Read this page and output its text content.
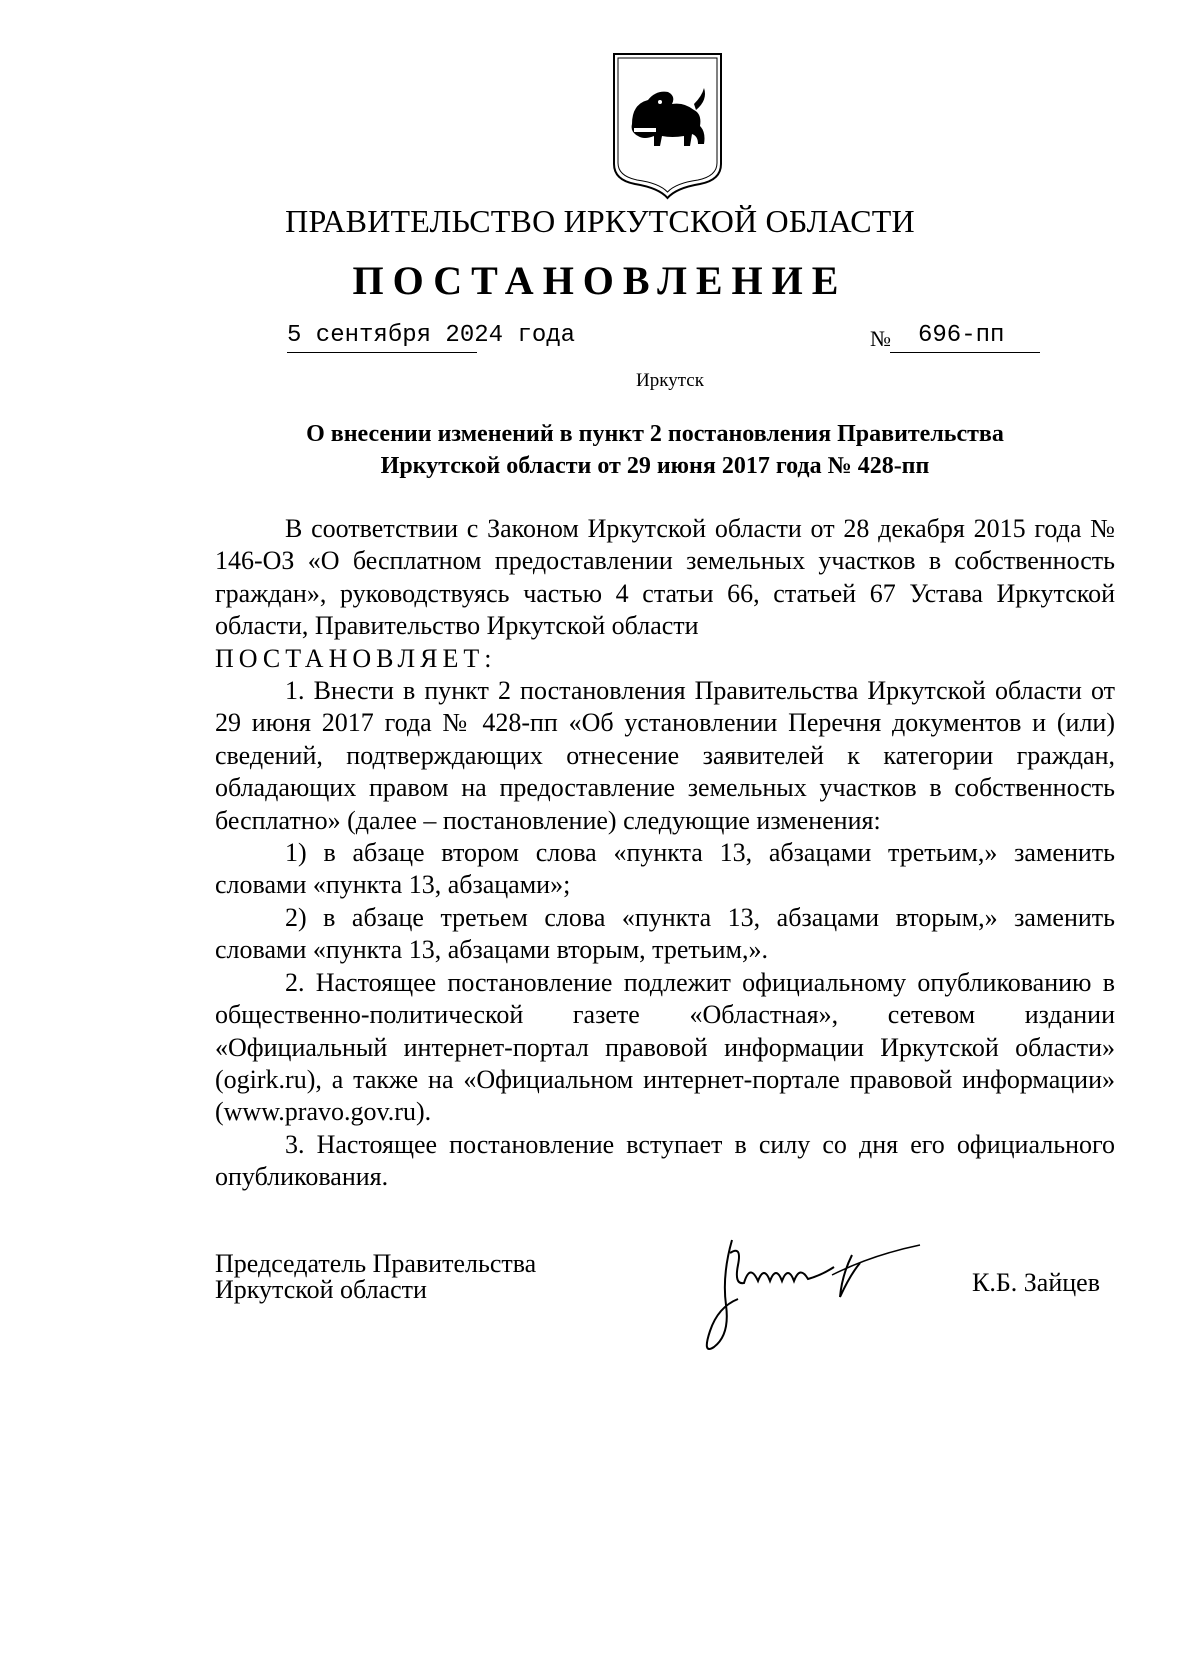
ПРАВИТЕЛЬСТВО ИРКУТСКОЙ ОБЛАСТИ
ПОСТАНОВЛЕНИЕ
5 сентября 2024 года	№ 696-пп
Иркутск
О внесении изменений в пункт 2 постановления Правительства
Иркутской области от 29 июня 2017 года № 428-пп

В соответствии с Законом Иркутской области от 28 декабря 2015 года № 146-ОЗ «О бесплатном предоставлении земельных участков в собственность граждан», руководствуясь частью 4 статьи 66, статьей 67 Устава Иркутской области, Правительство Иркутской области

ПОСТАНОВЛЯЕТ:

1. Внести в пункт 2 постановления Правительства Иркутской области от 29 июня 2017 года № 428-пп «Об установлении Перечня документов и (или) сведений, подтверждающих отнесение заявителей к категории граждан, обладающих правом на предоставление земельных участков в собственность бесплатно» (далее – постановление) следующие изменения:

1) в абзаце втором слова «пункта 13, абзацами третьим,» заменить словами «пункта 13, абзацами»;

2) в абзаце третьем слова «пункта 13, абзацами вторым,» заменить словами «пункта 13, абзацами вторым, третьим,».

2. Настоящее постановление подлежит официальному опубликованию в общественно-политической газете «Областная», сетевом издании «Официальный интернет-портал правовой информации Иркутской области» (ogirk.ru), а также на «Официальном интернет-портале правовой информации» (www.pravo.gov.ru).

3. Настоящее постановление вступает в силу со дня его официального опубликования.

Председатель Правительства
Иркутской области	К.Б. Зайцев
